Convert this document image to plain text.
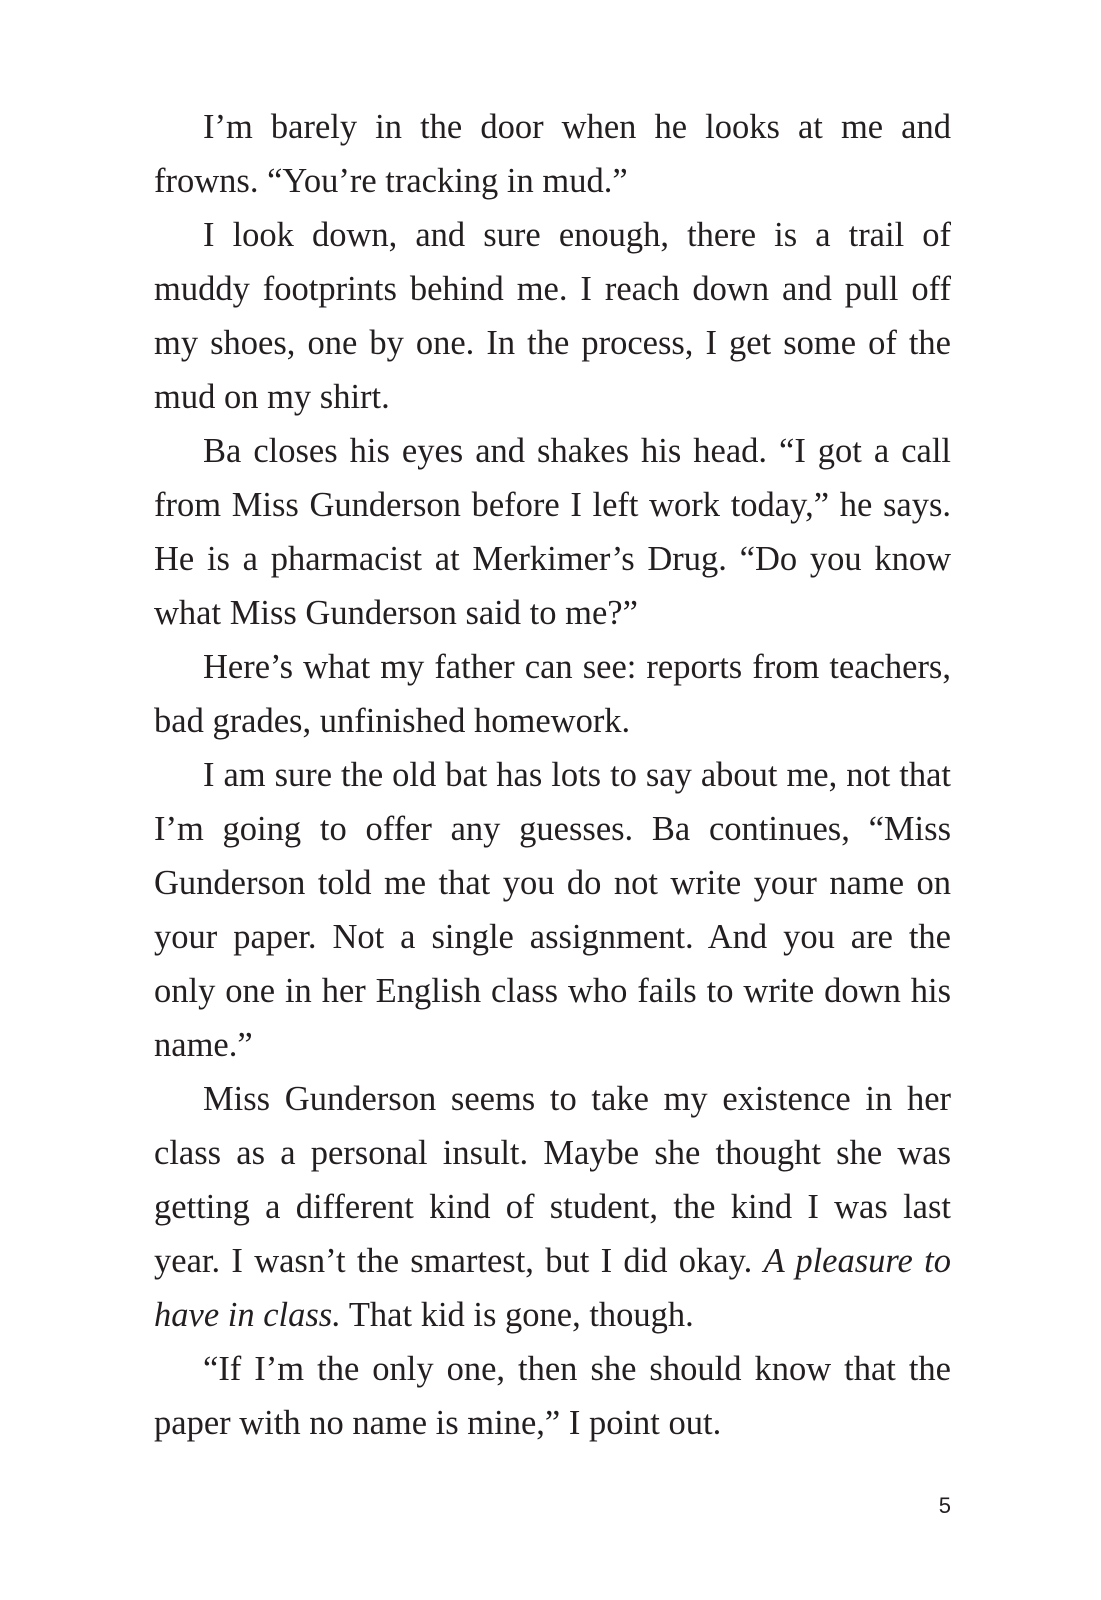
I’m barely in the door when he looks at me and frowns. “You’re tracking in mud.”

I look down, and sure enough, there is a trail of muddy footprints behind me. I reach down and pull off my shoes, one by one. In the process, I get some of the mud on my shirt.

Ba closes his eyes and shakes his head. “I got a call from Miss Gunderson before I left work today,” he says. He is a pharmacist at Merkimer’s Drug. “Do you know what Miss Gunderson said to me?”

Here’s what my father can see: reports from teachers, bad grades, unfinished homework.

I am sure the old bat has lots to say about me, not that I’m going to offer any guesses. Ba continues, “Miss Gunderson told me that you do not write your name on your paper. Not a single assignment. And you are the only one in her English class who fails to write down his name.”

Miss Gunderson seems to take my existence in her class as a personal insult. Maybe she thought she was getting a different kind of student, the kind I was last year. I wasn’t the smartest, but I did okay. A pleasure to have in class. That kid is gone, though.

“If I’m the only one, then she should know that the paper with no name is mine,” I point out.

5
